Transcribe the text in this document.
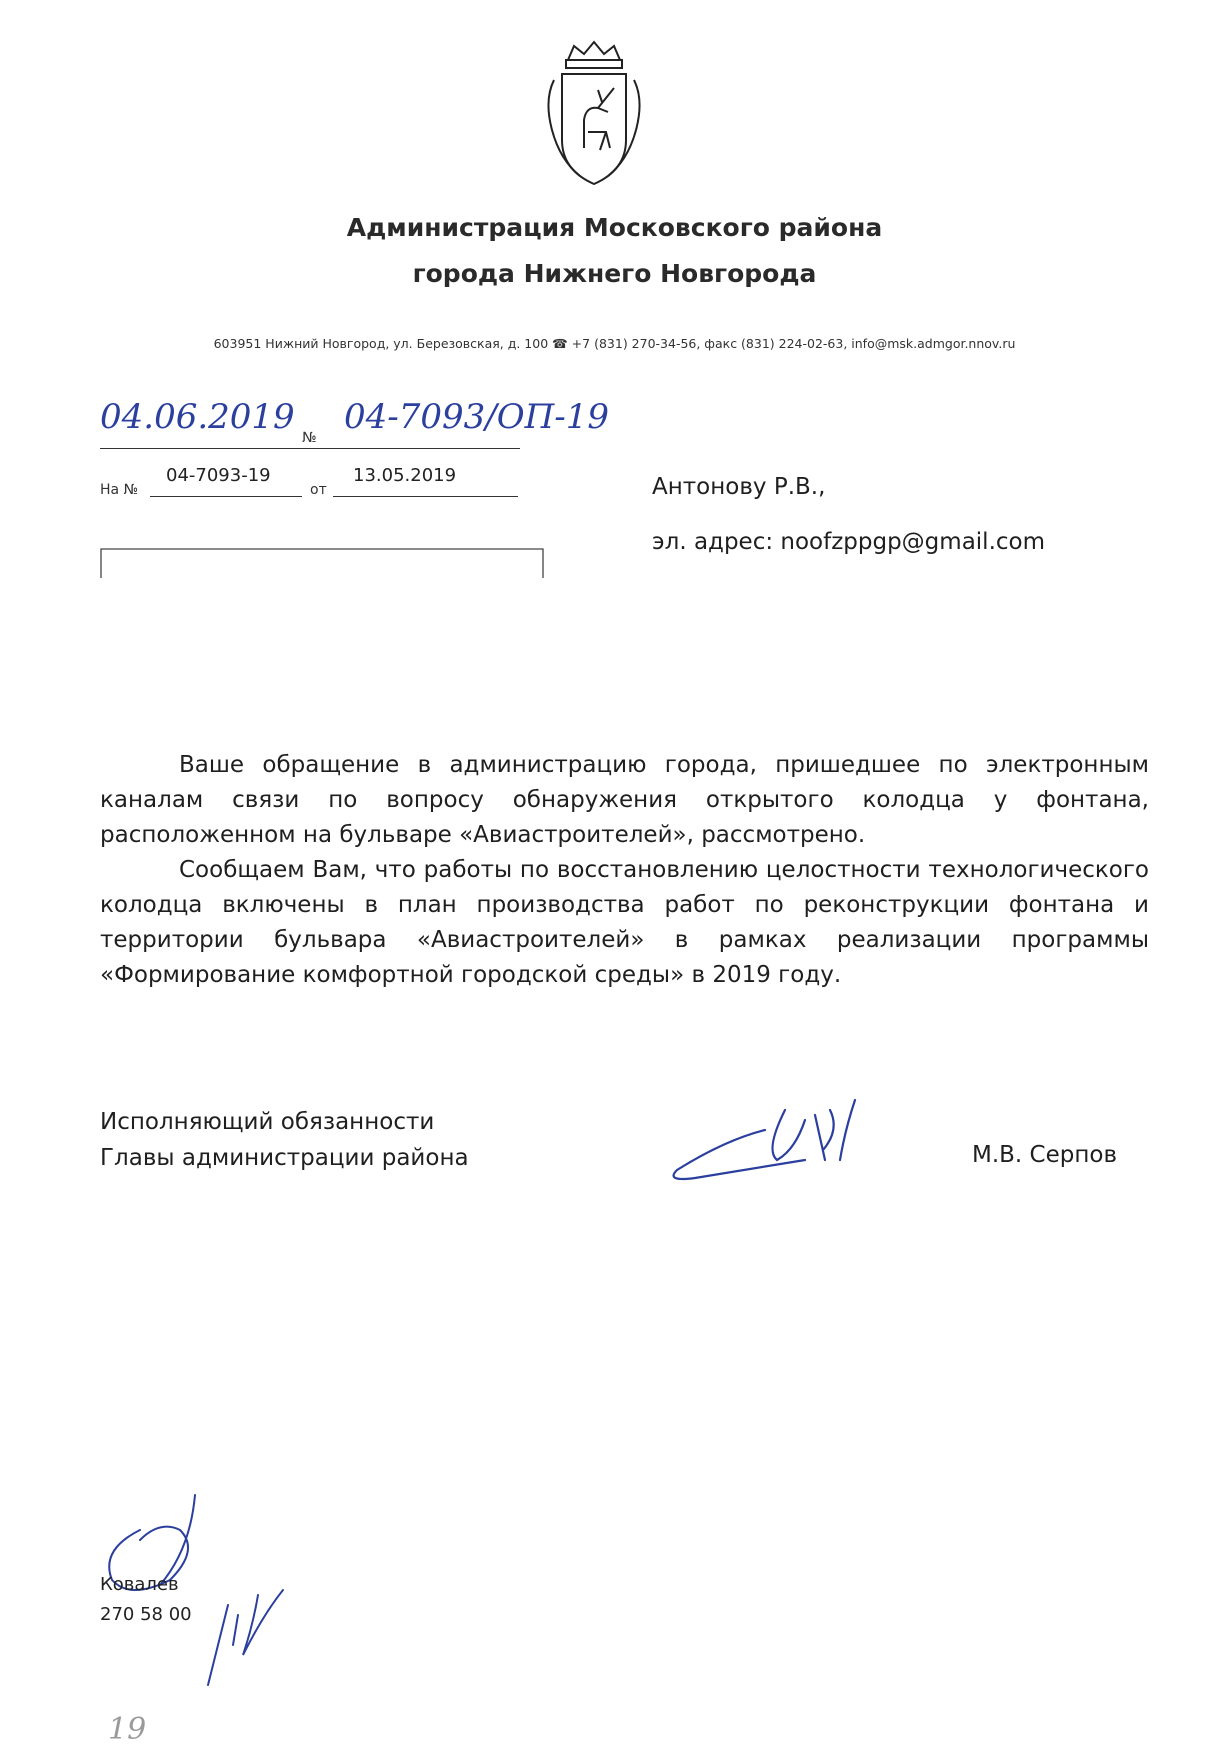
Администрация Московского района
города Нижнего Новгорода
603951 Нижний Новгород, ул. Березовская, д. 100 ☎ +7 (831) 270-34-56, факс (831) 224-02-63, info@msk.admgor.nnov.ru
04.06.2019
№
04-7093/ОП-19
На №
04-7093-19
от
13.05.2019	Антонову Р.В.,
эл. адрес: noofzppgp@gmail.com

Ваше обращение в администрацию города, пришедшее по электронным каналам связи по вопросу обнаружения открытого колодца у фонтана, расположенном на бульваре «Авиастроителей», рассмотрено.

Сообщаем Вам, что работы по восстановлению целостности технологического колодца включены в план производства работ по реконструкции фонтана и территории бульвара «Авиастроителей» в рамках реализации программы «Формирование комфортной городской среды» в 2019 году.

Исполняющий обязанности
Главы администрации района	М.В. Серпов
Ковалев
270 58 00
19
